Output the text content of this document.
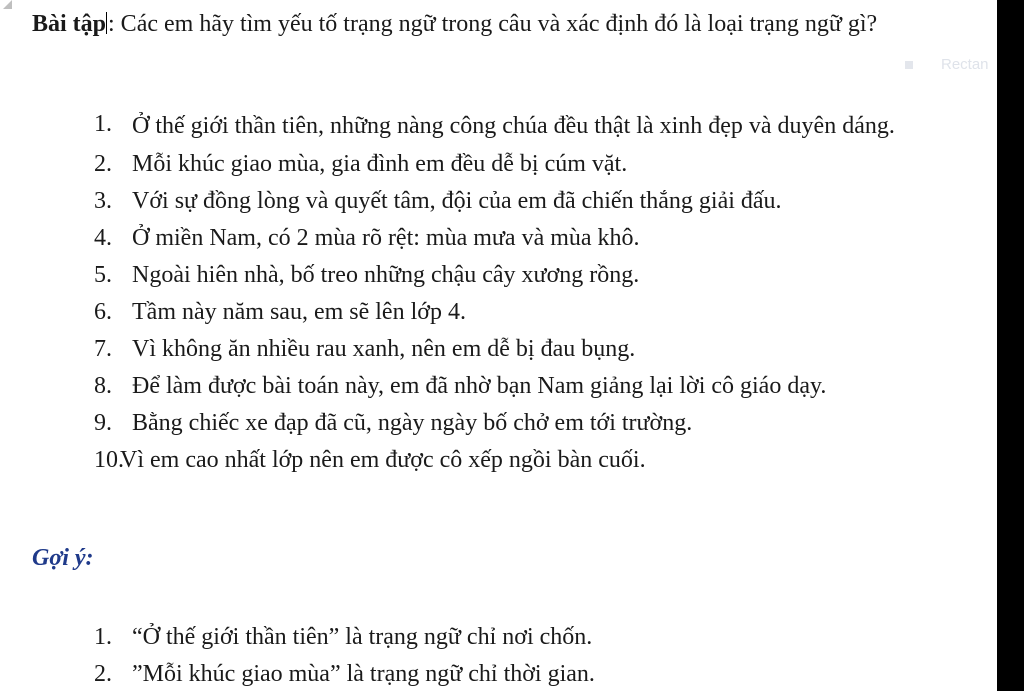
Bài tập: Các em hãy tìm yếu tố trạng ngữ trong câu và xác định đó là loại trạng ngữ gì?

Rectan
1. Ở thế giới thần tiên, những nàng công chúa đều thật là xinh đẹp và duyên dáng.
2. Mỗi khúc giao mùa, gia đình em đều dễ bị cúm vặt.
3. Với sự đồng lòng và quyết tâm, đội của em đã chiến thắng giải đấu.
4. Ở miền Nam, có 2 mùa rõ rệt: mùa mưa và mùa khô.
5. Ngoài hiên nhà, bố treo những chậu cây xương rồng.
6. Tầm này năm sau, em sẽ lên lớp 4.
7. Vì không ăn nhiều rau xanh, nên em dễ bị đau bụng.
8. Để làm được bài toán này, em đã nhờ bạn Nam giảng lại lời cô giáo dạy.
9. Bằng chiếc xe đạp đã cũ, ngày ngày bố chở em tới trường.
10.
Vì em cao nhất lớp nên em được cô xếp ngồi bàn cuối.

Gợi ý:

1. “Ở thế giới thần tiên” là trạng ngữ chỉ nơi chốn.
2. ”Mỗi khúc giao mùa” là trạng ngữ chỉ thời gian.
